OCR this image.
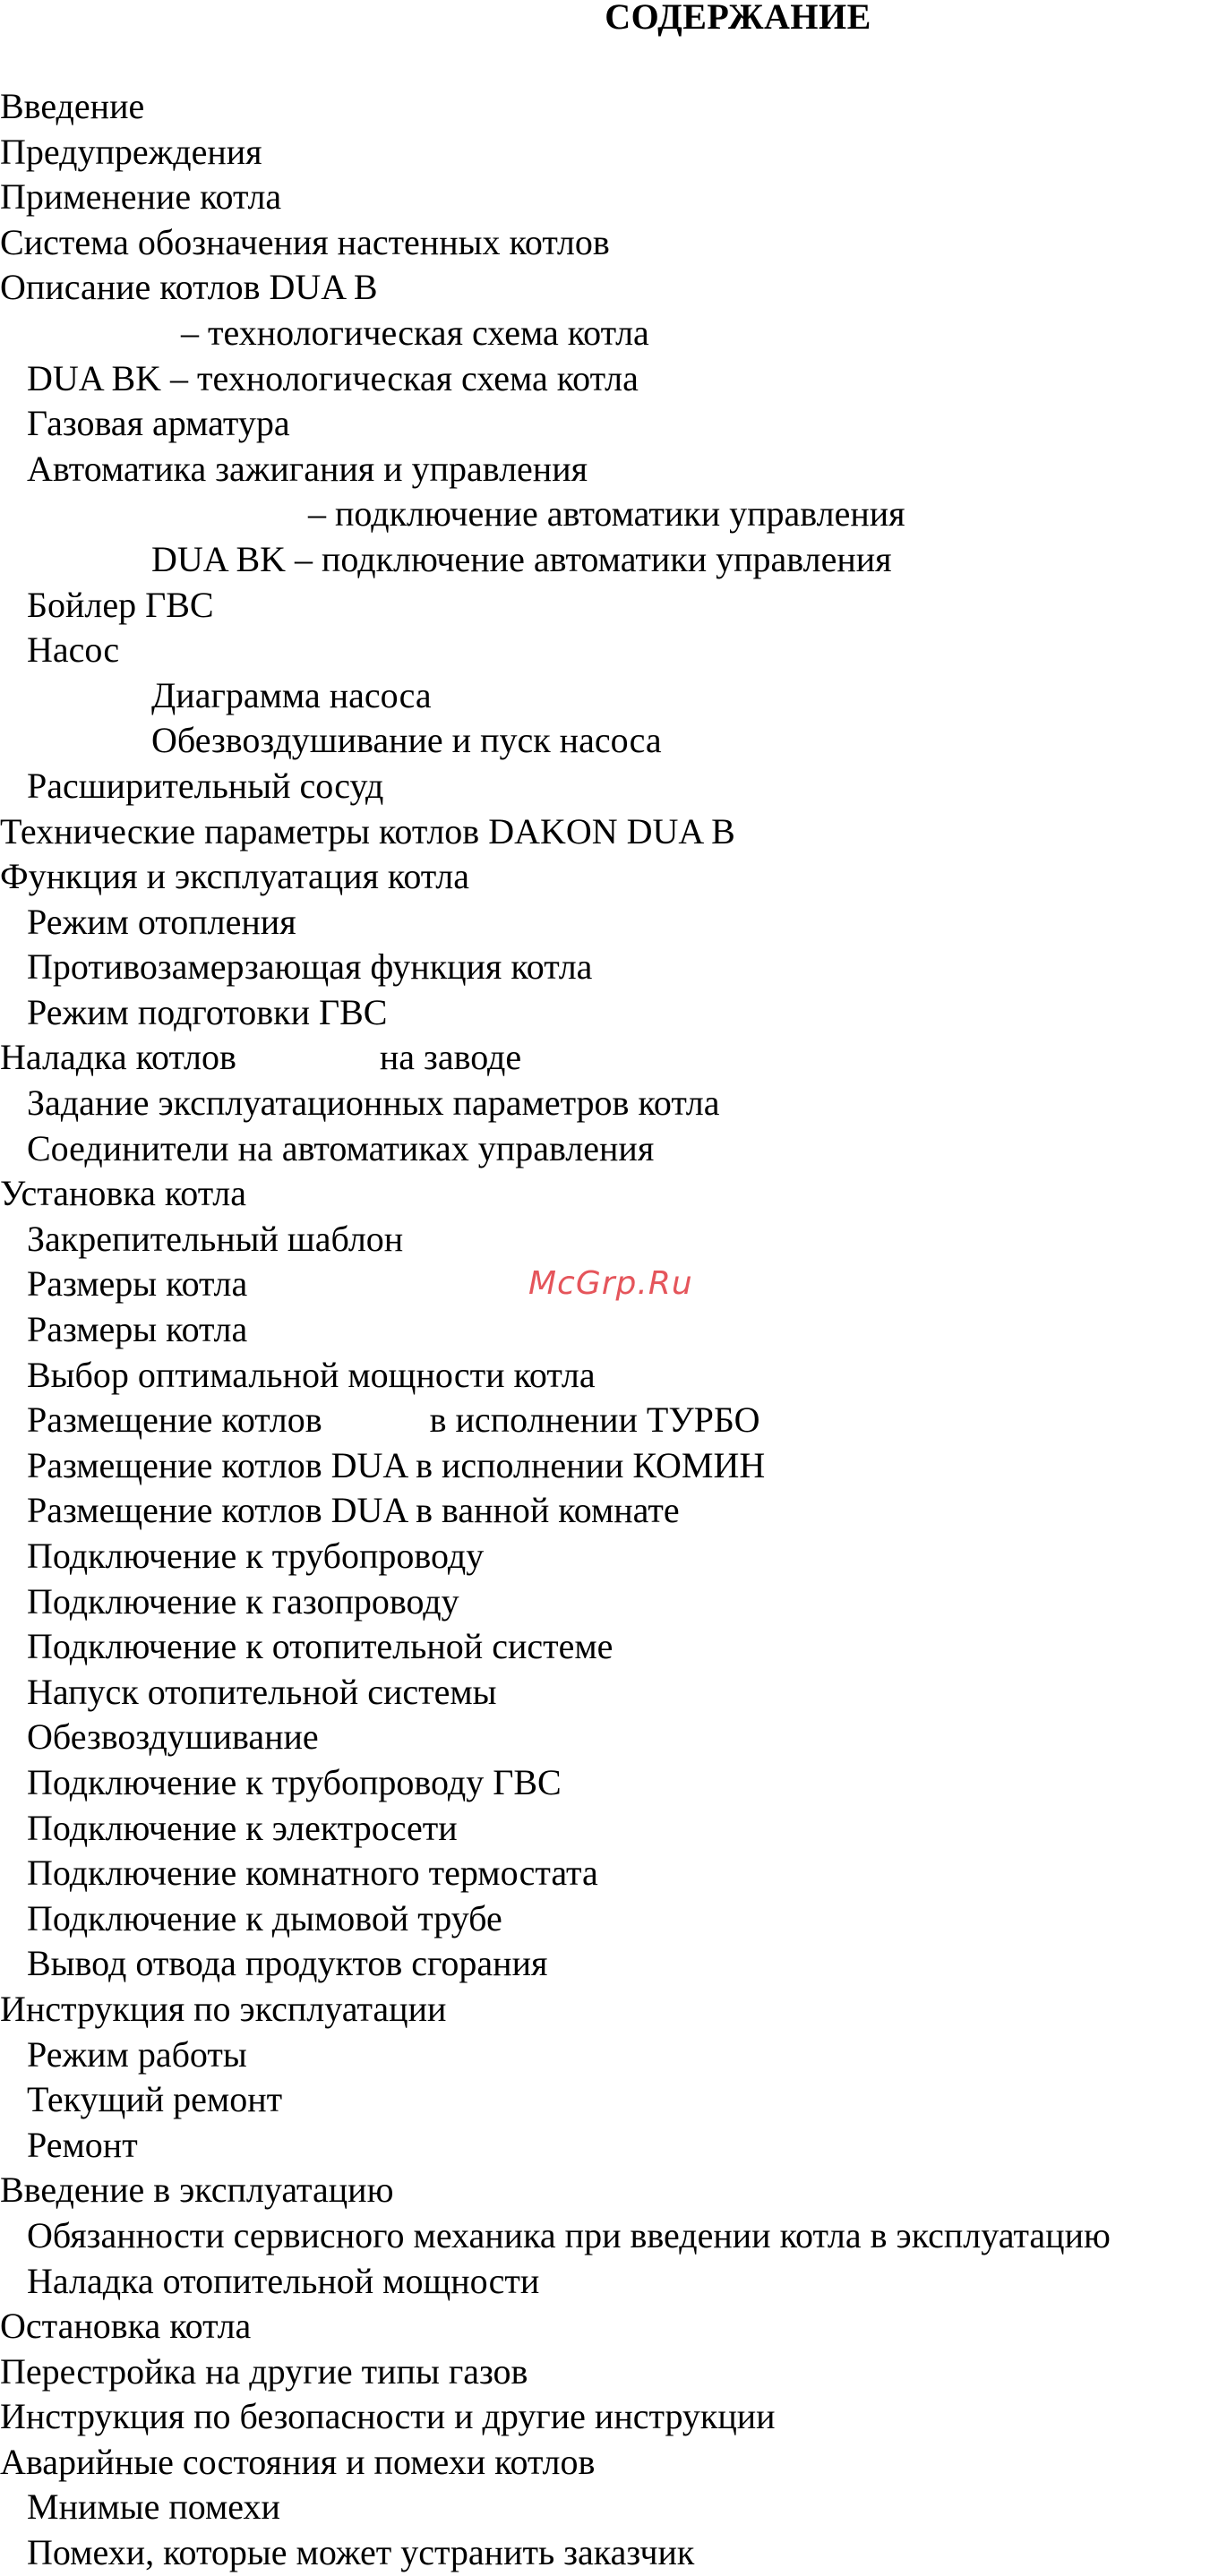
СОДЕРЖАНИЕ
Введение
Предупреждения
Применение котла
Система обозначения настенных котлов
Описание котлов DUA B
– технологическая схема котла
DUA BK – технологическая схема котла
Газовая арматура
Автоматика зажигания и управления
– подключение автоматики управления
DUA BK – подключение автоматики управления
Бойлер ГВС
Насос
Диаграмма насоса
Обезвоздушивание и пуск насоса
Расширительный сосуд
Технические параметры котлов DAKON DUA B
Функция и эксплуатация котла
Режим отопления
Противозамерзающая функция котла
Режим подготовки ГВС
Наладка котлов	на заводе
Задание эксплуатационных параметров котла
Соединители на автоматиках управления
Установка котла
Закрепительный шаблон
Размеры котла
Размеры котла
Выбор оптимальной мощности котла
Размещение котлов	в исполнении ТУРБО
Размещение котлов DUA в исполнении КОМИН
Размещение котлов DUA в ванной комнате
Подключение к трубопроводу
Подключение к газопроводу
Подключение к отопительной системе
Напуск отопительной системы
Обезвоздушивание
Подключение к трубопроводу ГВС
Подключение к электросети
Подключение комнатного термостата
Подключение к дымовой трубе
Вывод отвода продуктов сгорания
Инструкция по эксплуатации
Режим работы
Текущий ремонт
Ремонт
Введение в эксплуатацию
Обязанности сервисного механика при введении котла в эксплуатацию
Наладка отопительной мощности
Остановка котла
Перестройка на другие типы газов
Инструкция по безопасности и другие инструкции
Аварийные состояния и помехи котлов
Мнимые помехи
Помехи, которые может устранить заказчик
McGrp.Ru
